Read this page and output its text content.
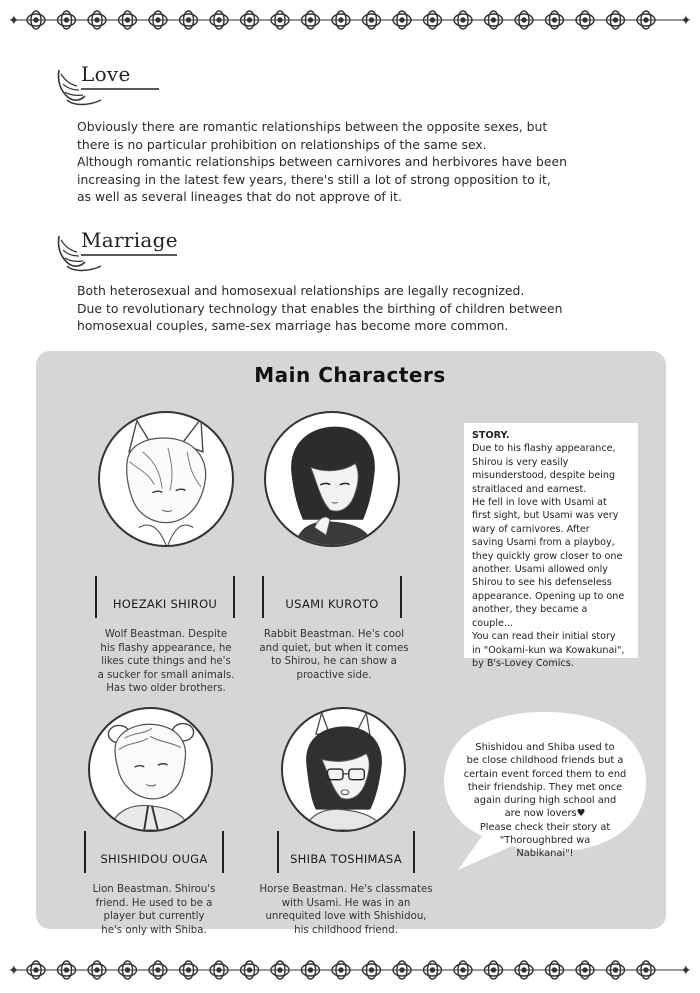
✦	✦
Love

Obviously there are romantic relationships between the opposite sexes, but

there is no particular prohibition on relationships of the same sex.

Although romantic relationships between carnivores and herbivores have been

increasing in the latest few years, there's still a lot of strong opposition to it,

as well as several lineages that do not approve of it.

Marriage

Both heterosexual and homosexual relationships are legally recognized.

Due to revolutionary technology that enables the birthing of children between

homosexual couples, same-sex marriage has become more common.

Main Characters
HOEZAKI SHIROU	USAMI KUROTO
SHISHIDOU OUGA	SHIBA TOSHIMASA

Wolf Beastman. Despite

his flashy appearance, he

likes cute things and he's

a sucker for small animals.

Has two older brothers.

Rabbit Beastman. He's cool

and quiet, but when it comes

to Shirou, he can show a

proactive side.

Lion Beastman. Shirou's

friend. He used to be a

player but currently

he's only with Shiba.

Horse Beastman. He's classmates

with Usami. He was in an

unrequited love with Shishidou,

his childhood friend.

STORY.
Due to his flashy appearance,
Shirou is very easily
misunderstood, despite being
straitlaced and earnest.
He fell in love with Usami at
first sight, but Usami was very
wary of carnivores. After
saving Usami from a playboy,
they quickly grow closer to one
another. Usami allowed only
Shirou to see his defenseless
appearance. Opening up to one
another, they became a couple...
You can read their initial story
in "Ookami-kun wa Kowakunai",
by B's-Lovey Comics.

Shishidou and Shiba used to

be close childhood friends but a

certain event forced them to end

their friendship. They met once

again during high school and

are now lovers♥

Please check their story at

"Thoroughbred wa

Nabikanai"!

✦	✦
